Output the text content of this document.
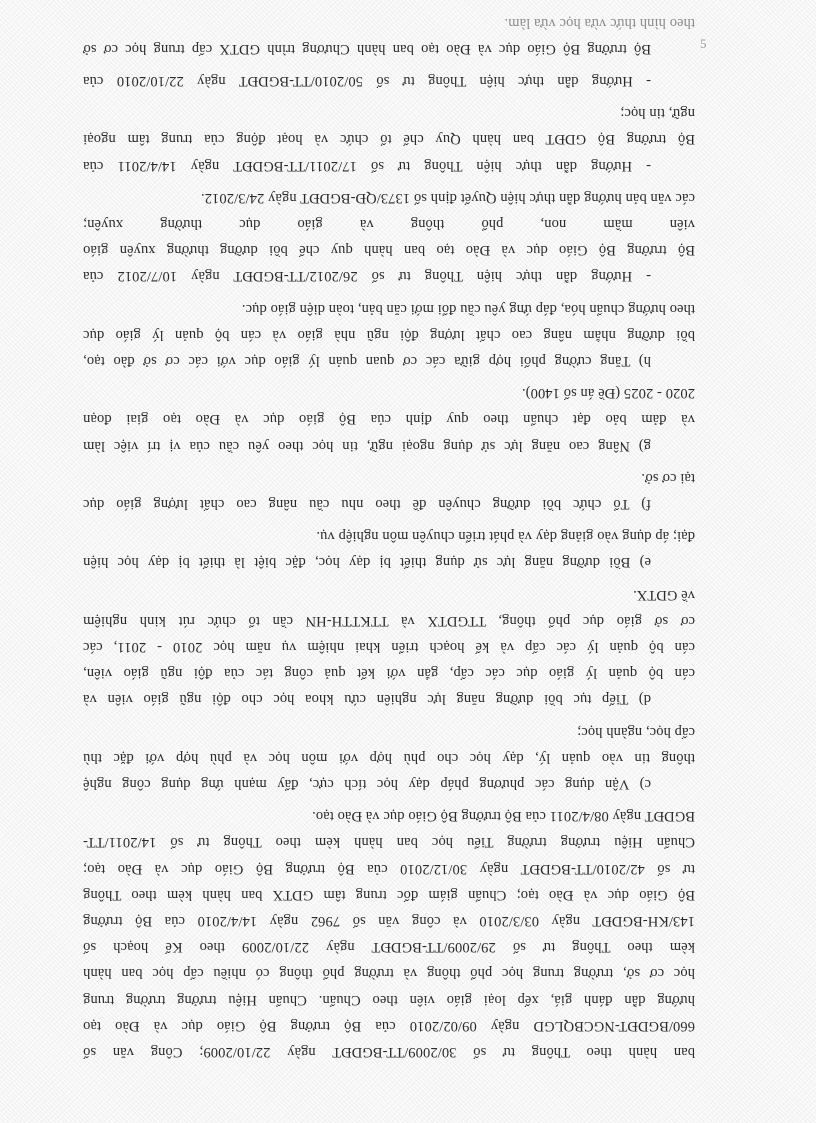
5

ban hành theo Thông tư số 30/2009/TT-BGDĐT ngày 22/10/2009; Công văn số

660/BGDĐT-NGCBQLGD ngày 09/02/2010 của Bộ trưởng Bộ Giáo dục và Đào tạo

hướng dẫn đánh giá, xếp loại giáo viên theo Chuẩn. Chuẩn Hiệu trưởng trường trung

học cơ sở, trường trung học phổ thông và trường phổ thông có nhiều cấp học ban hành

kèm theo Thông tư số 29/2009/TT-BGDĐT ngày 22/10/2009 theo Kế hoạch số

143/KH-BGDĐT ngày 03/3/2010 và công văn số 7962 ngày 14/4/2010 của Bộ trưởng

Bộ Giáo dục và Đào tạo; Chuẩn giám đốc trung tâm GDTX ban hành kèm theo Thông

tư số 42/2010/TT-BGDĐT ngày 30/12/2010 của Bộ trưởng Bộ Giáo dục và Đào tạo;

Chuẩn Hiệu trưởng trường Tiểu học ban hành kèm theo Thông tư số 14/2011/TT-

BGDĐT ngày 08/4/2011 của Bộ trưởng Bộ Giáo dục và Đào tạo.

c) Vận dụng các phương pháp dạy học tích cực, đẩy mạnh ứng dụng công nghệ

thông tin vào quản lý, dạy học cho phù hợp với môn học và phù hợp với đặc thù

cấp học, ngành học;

d) Tiếp tục bồi dưỡng năng lực nghiên cứu khoa học cho đội ngũ giáo viên và

cán bộ quản lý giáo dục các cấp, gắn với kết quả công tác của đội ngũ giáo viên,

cán bộ quản lý các cấp và kế hoạch triển khai nhiệm vụ năm học 2010 - 2011, các

cơ sở giáo dục phổ thông, TTGDTX và TTKTTH-HN cần tổ chức rút kinh nghiệm

về GDTX.

e) Bồi dưỡng năng lực sử dụng thiết bị dạy học, đặc biệt là thiết bị dạy học hiện

đại; áp dụng vào giảng dạy và phát triển chuyên môn nghiệp vụ.

f) Tổ chức bồi dưỡng chuyên đề theo nhu cầu nâng cao chất lượng giáo dục

tại cơ sở.

g) Nâng cao năng lực sử dụng ngoại ngữ, tin học theo yêu cầu của vị trí việc làm

và đảm bảo đạt chuẩn theo quy định của Bộ giáo dục và Đào tạo giai đoạn

2020 - 2025 (Đề án số 1400).

h) Tăng cường phối hợp giữa các cơ quan quản lý giáo dục với các cơ sở đào tạo,

bồi dưỡng nhằm nâng cao chất lượng đội ngũ nhà giáo và cán bộ quản lý giáo dục

theo hướng chuẩn hóa, đáp ứng yêu cầu đổi mới căn bản, toàn diện giáo dục.

- Hướng dẫn thực hiện Thông tư số 26/2012/TT-BGDĐT ngày 10/7/2012 của

Bộ trưởng Bộ Giáo dục và Đào tạo ban hành quy chế bồi dưỡng thường xuyên giáo

viên mầm non, phổ thông và giáo dục thường xuyên;

các văn bản hướng dẫn thực hiện Quyết định số 1373/QĐ-BGDĐT ngày 24/3/2012.

- Hướng dẫn thực hiện Thông tư số 17/2011/TT-BGDĐT ngày 14/4/2011 của

Bộ trưởng Bộ GDĐT ban hành Quy chế tổ chức và hoạt động của trung tâm ngoại

ngữ, tin học;

- Hướng dẫn thực hiện Thông tư số 50/2010/TT-BGDĐT ngày 22/10/2010 của

Bộ trưởng Bộ Giáo dục và Đào tạo ban hành Chương trình GDTX cấp trung học cơ sở

theo hình thức vừa học vừa làm.
